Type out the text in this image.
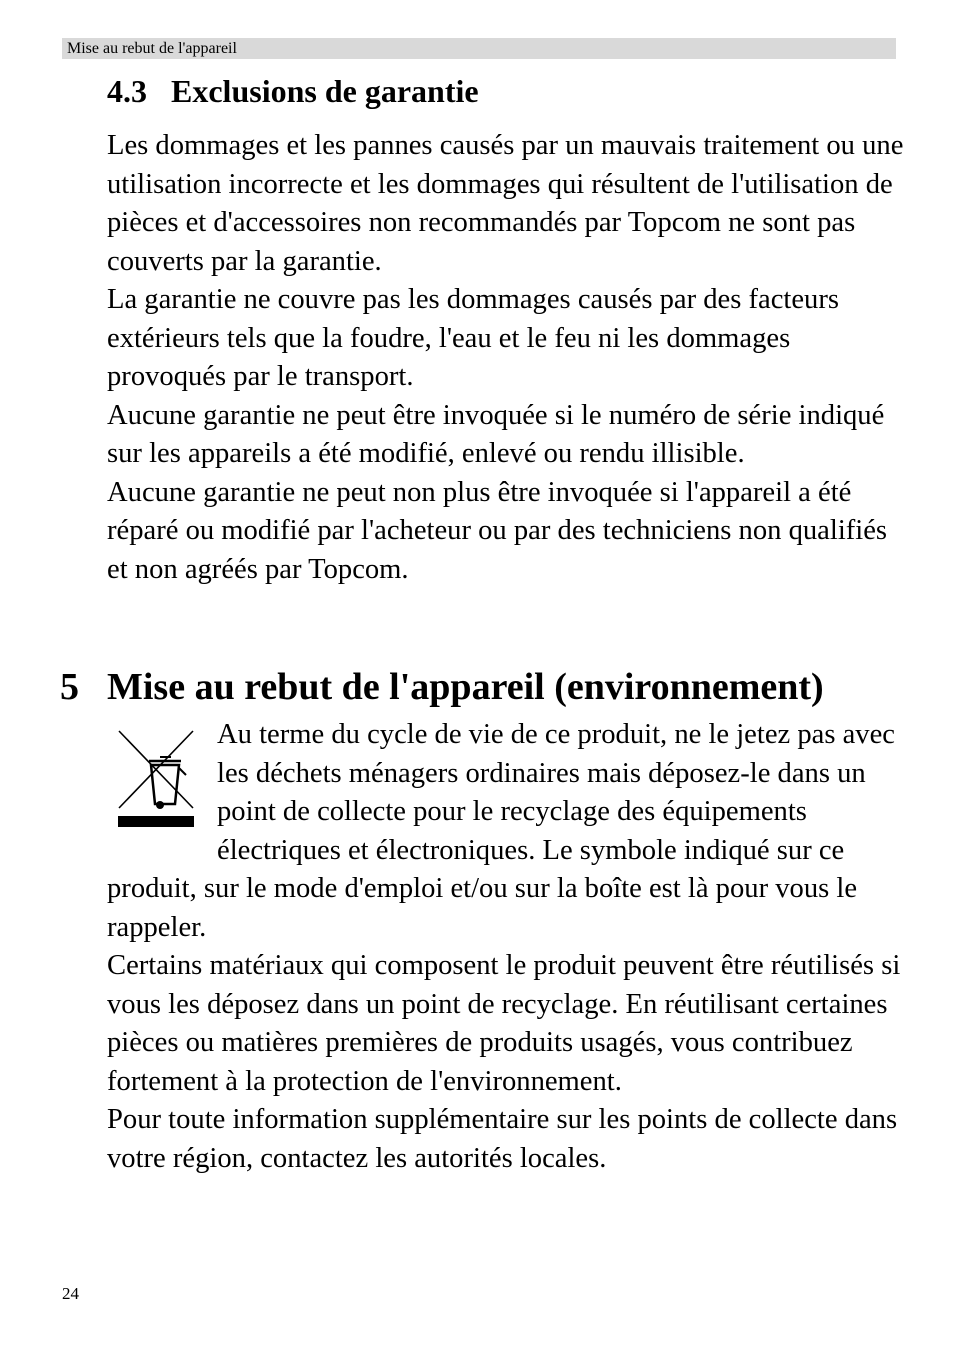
Mise au rebut de l'appareil
4.3 Exclusions de garantie

Les dommages et les pannes causés par un mauvais traitement ou une utilisation incorrecte et les dommages qui résultent de l'utilisation de pièces et d'accessoires non recommandés par Topcom ne sont pas couverts par la garantie.

La garantie ne couvre pas les dommages causés par des facteurs extérieurs tels que la foudre, l'eau et le feu ni les dommages provoqués par le transport.

Aucune garantie ne peut être invoquée si le numéro de série indiqué sur les appareils a été modifié, enlevé ou rendu illisible.

Aucune garantie ne peut non plus être invoquée si l'appareil a été réparé ou modifié par l'acheteur ou par des techniciens non qualifiés et non agréés par Topcom.

5 Mise au rebut de l'appareil (environnement)

Au terme du cycle de vie de ce produit, ne le jetez pas avec les déchets ménagers ordinaires mais déposez-le dans un point de collecte pour le recyclage des équipements électriques et électroniques. Le symbole indiqué sur ce produit, sur le mode d'emploi et/ou sur la boîte est là pour vous le rappeler.

Certains matériaux qui composent le produit peuvent être réutilisés si vous les déposez dans un point de recyclage. En réutilisant certaines pièces ou matières premières de produits usagés, vous contribuez fortement à la protection de l'environnement.

Pour toute information supplémentaire sur les points de collecte dans votre région, contactez les autorités locales.

24
